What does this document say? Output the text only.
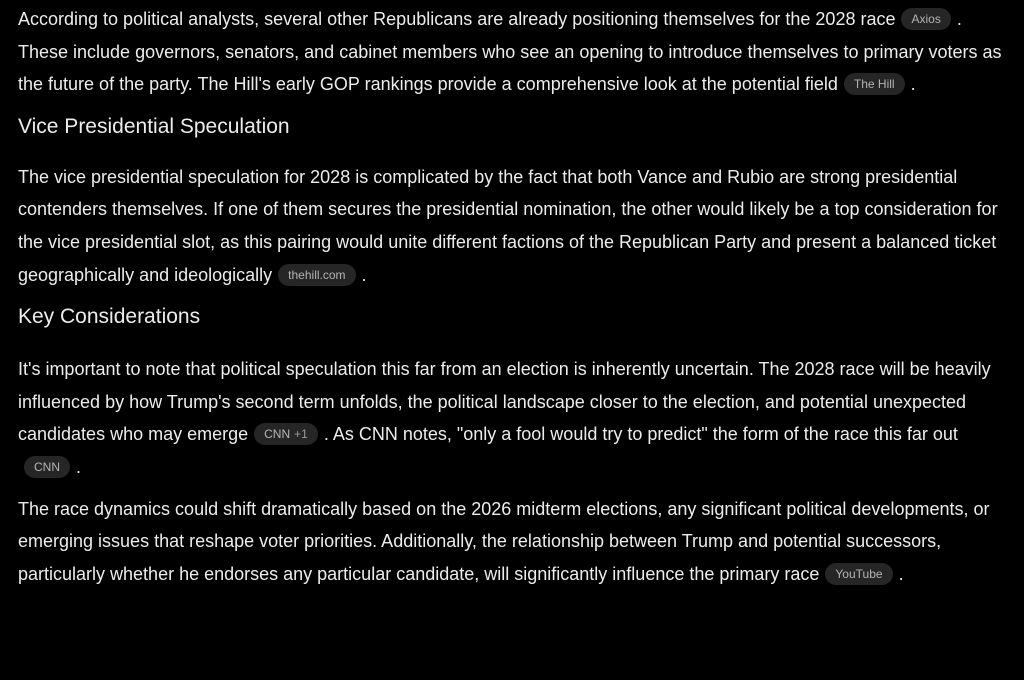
According to political analysts, several other Republicans are already positioning themselves for the 2028 race Axios . These include governors, senators, and cabinet members who see an opening to introduce themselves to primary voters as the future of the party. The Hill's early GOP rankings provide a comprehensive look at the potential field The Hill .

Vice Presidential Speculation

The vice presidential speculation for 2028 is complicated by the fact that both Vance and Rubio are strong presidential contenders themselves. If one of them secures the presidential nomination, the other would likely be a top consideration for the vice presidential slot, as this pairing would unite different factions of the Republican Party and present a balanced ticket geographically and ideologically thehill.com .

Key Considerations

It's important to note that political speculation this far from an election is inherently uncertain. The 2028 race will be heavily influenced by how Trump's second term unfolds, the political landscape closer to the election, and potential unexpected candidates who may emerge CNN +1 . As CNN notes, "only a fool would try to predict" the form of the race this far outCNN .

The race dynamics could shift dramatically based on the 2026 midterm elections, any significant political developments, or emerging issues that reshape voter priorities. Additionally, the relationship between Trump and potential successors, particularly whether he endorses any particular candidate, will significantly influence the primary race YouTube .
